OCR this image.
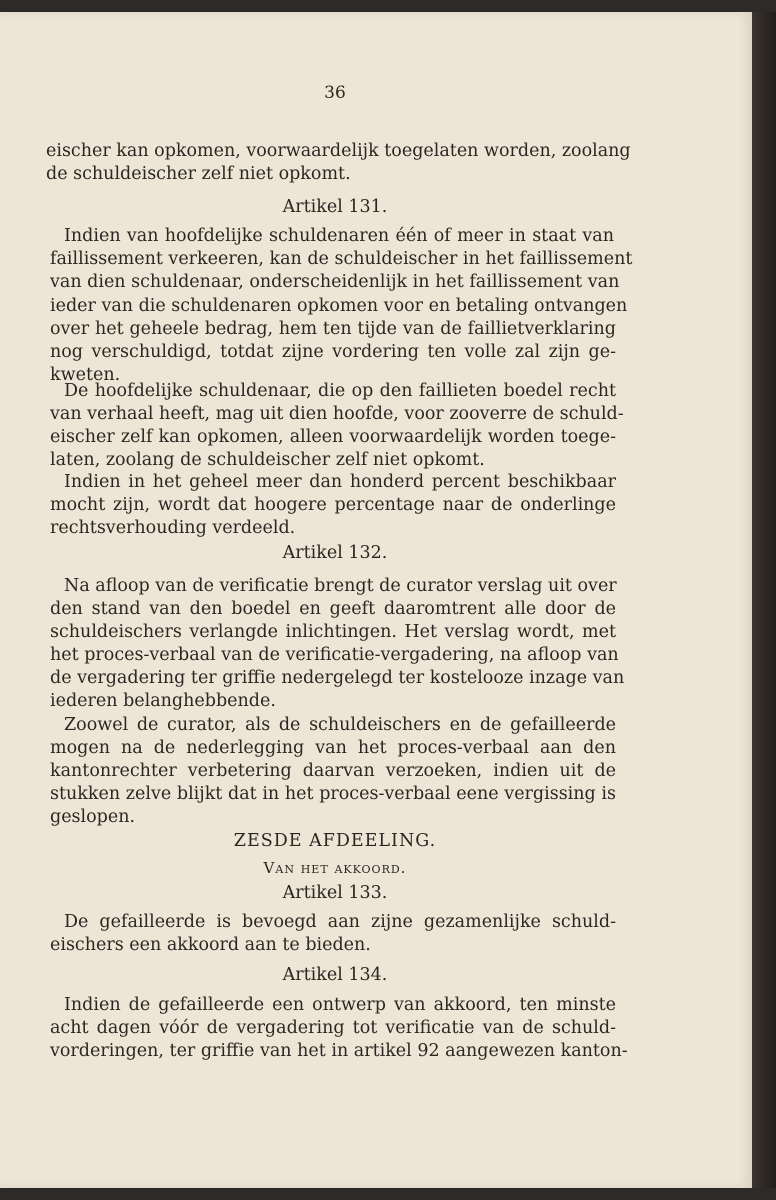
36
eischer kan opkomen, voorwaardelijk toegelaten worden, zoolang
de schuldeischer zelf niet opkomt.
Artikel 131.
Indien van hoofdelijke schuldenaren één of meer in staat van
faillissement verkeeren, kan de schuldeischer in het faillissement
van dien schuldenaar, onderscheidenlijk in het faillissement van
ieder van die schuldenaren opkomen voor en betaling ontvangen
over het geheele bedrag, hem ten tijde van de faillietverklaring
nog verschuldigd, totdat zijne vordering ten volle zal zijn ge-
kweten.
De hoofdelijke schuldenaar, die op den faillieten boedel recht
van verhaal heeft, mag uit dien hoofde, voor zooverre de schuld-
eischer zelf kan opkomen, alleen voorwaardelijk worden toege-
laten, zoolang de schuldeischer zelf niet opkomt.
Indien in het geheel meer dan honderd percent beschikbaar
mocht zijn, wordt dat hoogere percentage naar de onderlinge
rechtsverhouding verdeeld.
Artikel 132.
Na afloop van de verificatie brengt de curator verslag uit over
den stand van den boedel en geeft daaromtrent alle door de
schuldeischers verlangde inlichtingen. Het verslag wordt, met
het proces-verbaal van de verificatie-vergadering, na afloop van
de vergadering ter griffie nedergelegd ter kostelooze inzage van
iederen belanghebbende.
Zoowel de curator, als de schuldeischers en de gefailleerde
mogen na de nederlegging van het proces-verbaal aan den
kantonrechter verbetering daarvan verzoeken, indien uit de
stukken zelve blijkt dat in het proces-verbaal eene vergissing is
geslopen.
ZESDE AFDEELING.
Van het akkoord.
Artikel 133.
De gefailleerde is bevoegd aan zijne gezamenlijke schuld-
eischers een akkoord aan te bieden.
Artikel 134.
Indien de gefailleerde een ontwerp van akkoord, ten minste
acht dagen vóór de vergadering tot verificatie van de schuld-
vorderingen, ter griffie van het in artikel 92 aangewezen kanton-
